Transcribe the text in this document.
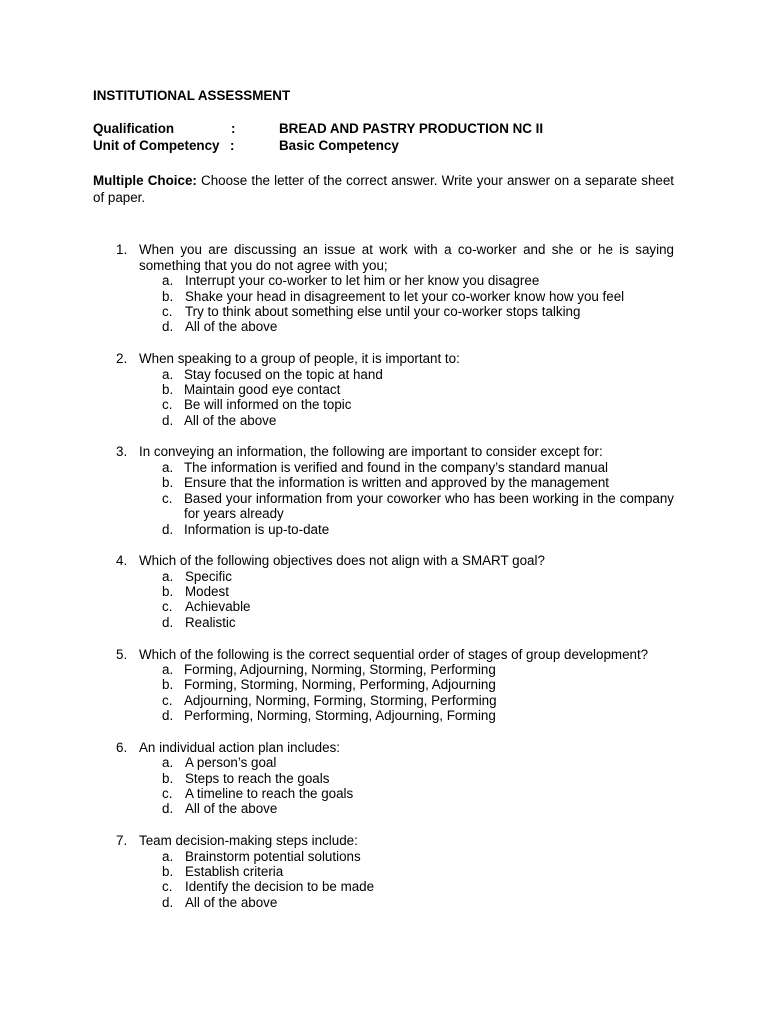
INSTITUTIONAL ASSESSMENT
Qualification	:	BREAD AND PASTRY PRODUCTION NC II
Unit of Competency :	Basic Competency
Multiple Choice: Choose the letter of the correct answer. Write your answer on a separate sheet of paper.
1. When you are discussing an issue at work with a co-worker and she or he is saying something that you do not agree with you;
a. Interrupt your co-worker to let him or her know you disagree
b. Shake your head in disagreement to let your co-worker know how you feel
c. Try to think about something else until your co-worker stops talking
d. All of the above
2. When speaking to a group of people, it is important to:
a. Stay focused on the topic at hand
b. Maintain good eye contact
c. Be will informed on the topic
d. All of the above
3. In conveying an information, the following are important to consider except for:
a. The information is verified and found in the company’s standard manual
b. Ensure that the information is written and approved by the management
c. Based your information from your coworker who has been working in the company for years already
d. Information is up-to-date
4. Which of the following objectives does not align with a SMART goal?
a. Specific
b. Modest
c. Achievable
d. Realistic
5. Which of the following is the correct sequential order of stages of group development?
a. Forming, Adjourning, Norming, Storming, Performing
b. Forming, Storming, Norming, Performing, Adjourning
c. Adjourning, Norming, Forming, Storming, Performing
d. Performing, Norming, Storming, Adjourning, Forming
6. An individual action plan includes:
a. A person’s goal
b. Steps to reach the goals
c. A timeline to reach the goals
d. All of the above
7. Team decision-making steps include:
a. Brainstorm potential solutions
b. Establish criteria
c. Identify the decision to be made
d. All of the above
